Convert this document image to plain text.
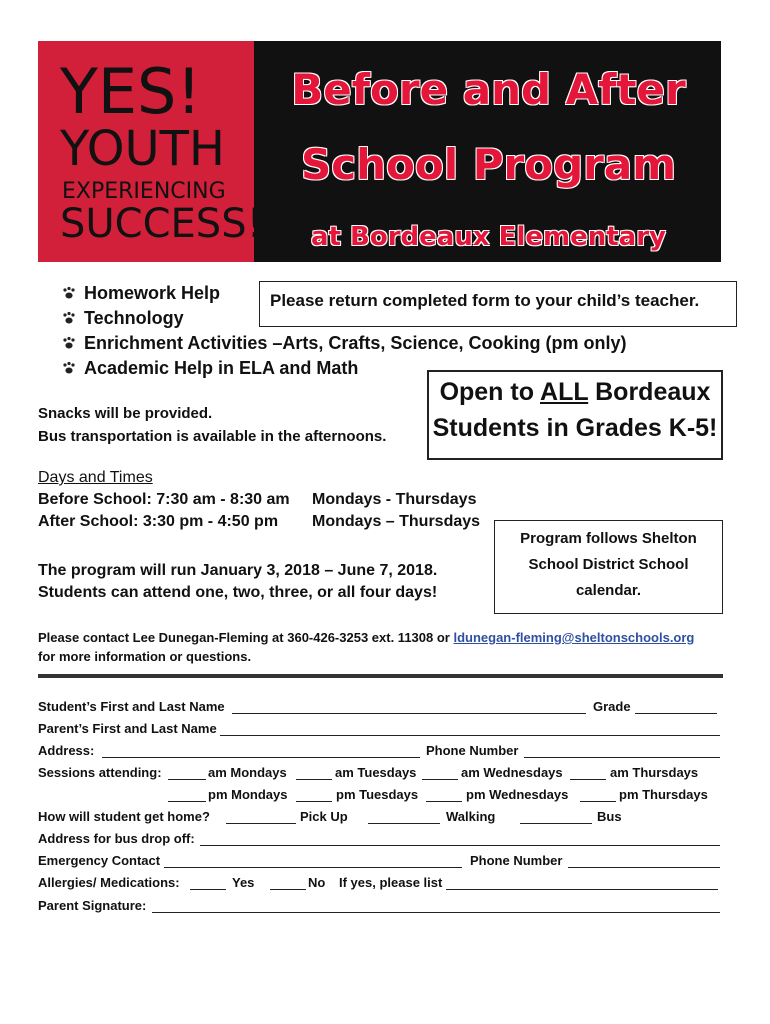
YES!
YOUTH
EXPERIENCING
SUCCESS!
Before and After
School Program
at Bordeaux Elementary
Homework Help
Technology
Enrichment Activities –Arts, Crafts, Science, Cooking (pm only)
Academic Help in ELA and Math
Please return completed form to your child’s teacher.
Open to ALL Bordeaux
Students in Grades K-5!
Snacks will be provided.
Bus transportation is available in the afternoons.
Days and Times
Before School: 7:30 am - 8:30 am Mondays - Thursdays
After School: 3:30 pm - 4:50 pm Mondays – Thursdays
Program follows Shelton
School District School
calendar.
The program will run January 3, 2018 – June 7, 2018.
Students can attend one, two, three, or all four days!
Please contact Lee Dunegan-Fleming at 360-426-3253 ext. 11308 or ldunegan-fleming@sheltonschools.org
for more information or questions.
Student’s First and Last Name	Grade
Parent’s First and Last Name
Address:	Phone Number
Sessions attending:	am Mondays	am Tuesdays	am Wednesdays	am Thursdays
pm Mondays	pm Tuesdays	pm Wednesdays	pm Thursdays
How will student get home?	Pick Up	Walking	Bus
Address for bus drop off:
Emergency Contact	Phone Number
Allergies/ Medications:	Yes	No If yes, please list
Parent Signature:
